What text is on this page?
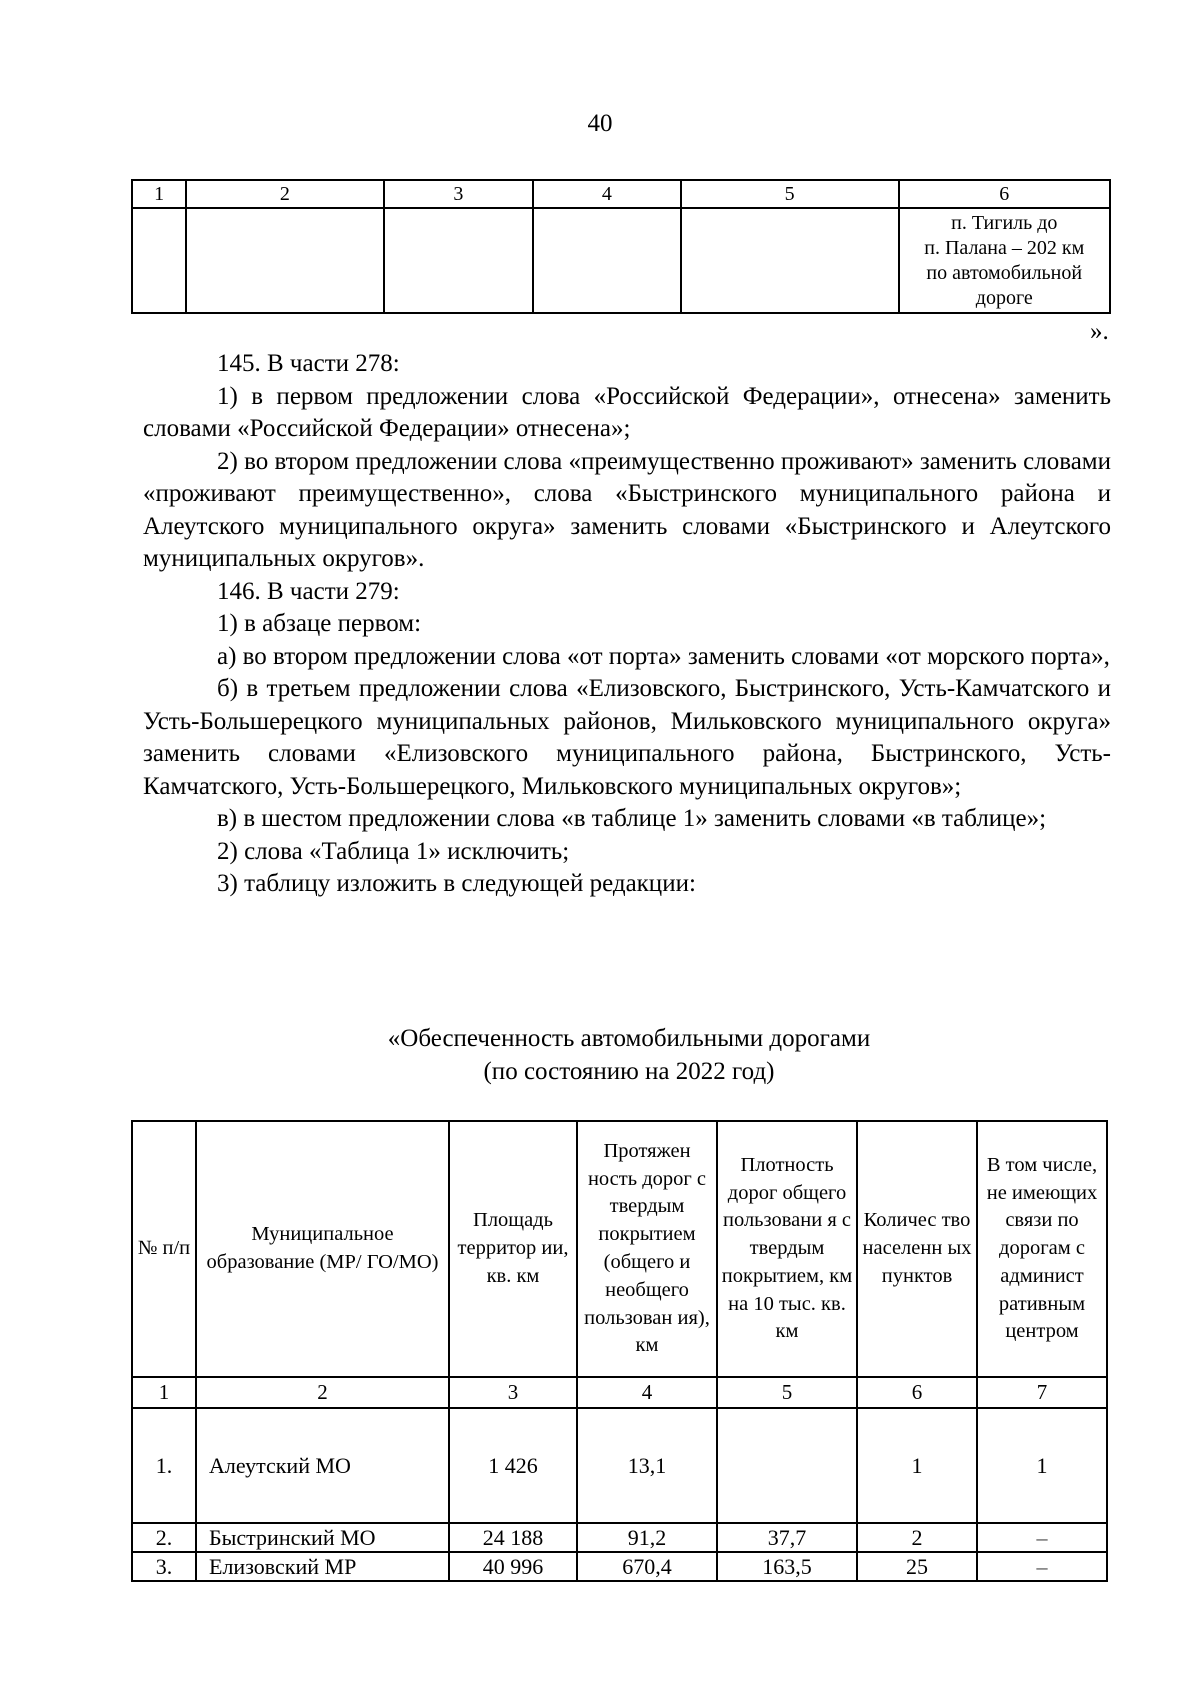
40
1	2	3	4	5	6

					п. Тигиль до
п. Палана – 202 км
по автомобильной
дороге
».

145. В части 278:

1) в первом предложении слова «Российской Федерации», отнесена» заменить словами «Российской Федерации» отнесена»;

2) во втором предложении слова «преимущественно проживают» заменить словами «проживают преимущественно», слова «Быстринского муниципального района и Алеутского муниципального округа» заменить словами «Быстринского и Алеутского муниципальных округов».

146. В части 279:

1) в абзаце первом:

а) во втором предложении слова «от порта» заменить словами «от морского порта»,

б) в третьем предложении слова «Елизовского, Быстринского, Усть-Камчатского и Усть-Большерецкого муниципальных районов, Мильковского муниципального округа» заменить словами «Елизовского муниципального района, Быстринского, Усть-Камчатского, Усть-Большерецкого, Мильковского муниципальных округов»;

в) в шестом предложении слова «в таблице 1» заменить словами «в таблице»;

2) слова «Таблица 1» исключить;

3) таблицу изложить в следующей редакции:

«Обеспеченность автомобильными дорогами
(по состоянию на 2022 год)
№ п/п	Муниципальное образование (МР/ ГО/МО)	Площадь территор ии, кв. км	Протяжен ность дорог с твердым покрытием (общего и необщего пользован ия), км	Плотность дорог общего пользовани я с твердым покрытием, км на 10 тыс. кв. км	Количес тво населенн ых пунктов	В том числе, не имеющих связи по дорогам с админист ративным центром
1	2	3	4	5	6	7
1.	Алеутский МО	1 426	13,1		1	1
2.	Быстринский МО	24 188	91,2	37,7	2	–
3.	Елизовский МР	40 996	670,4	163,5	25	–
